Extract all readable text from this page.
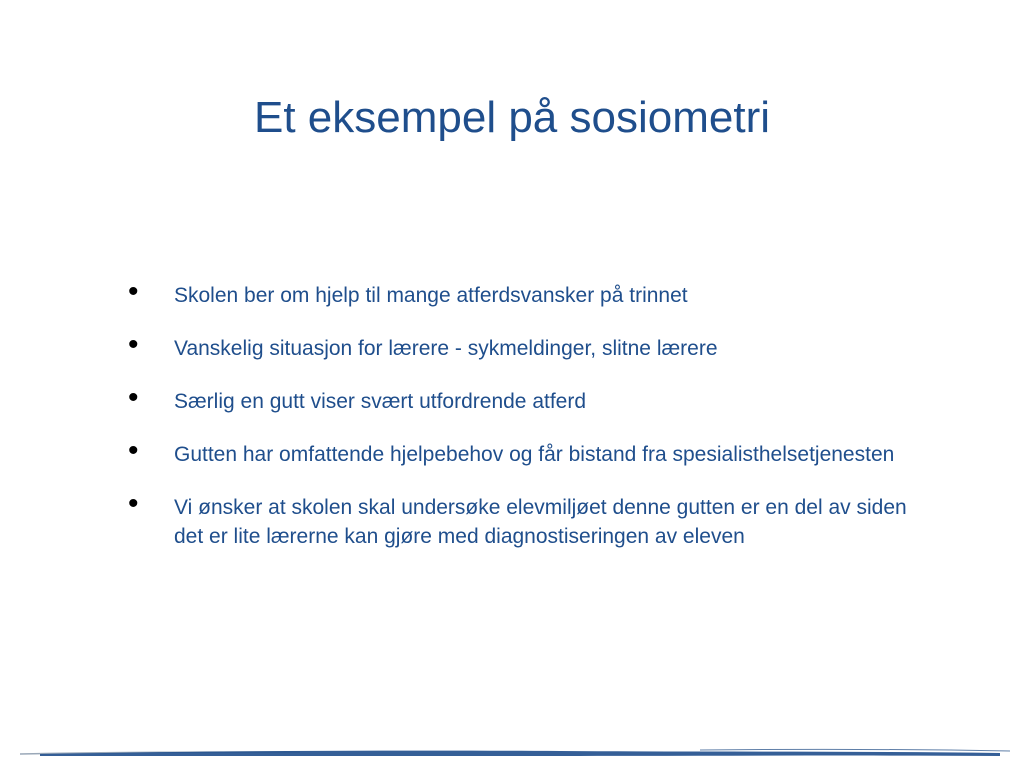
Et eksempel på sosiometri
• Skolen ber om hjelp til mange atferdsvansker på trinnet
• Vanskelig situasjon for lærere - sykmeldinger, slitne lærere
• Særlig en gutt viser svært utfordrende atferd
• Gutten har omfattende hjelpebehov og får bistand fra spesialisthelsetjenesten
• Vi ønsker at skolen skal undersøke elevmiljøet denne gutten er en del av siden det er lite lærerne kan gjøre med diagnostiseringen av eleven
